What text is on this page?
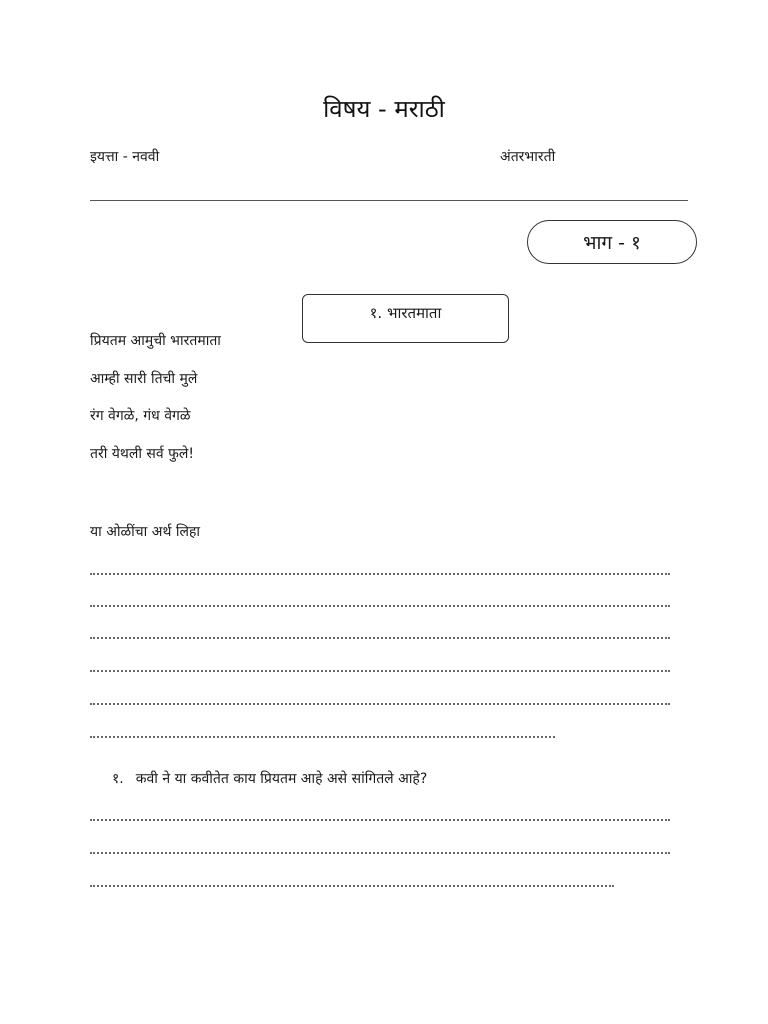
विषय - मराठी
इयत्ता - नववी	अंतरभारती
भाग - १
१. भारतमाता
प्रियतम आमुची भारतमाता
आम्ही सारी तिची मुले
रंग वेगळे, गंध वेगळे
तरी येथली सर्व फुले!
या ओळींचा अर्थ लिहा
१. कवी ने या कवीतेत काय प्रियतम आहे असे सांगितले आहे?
